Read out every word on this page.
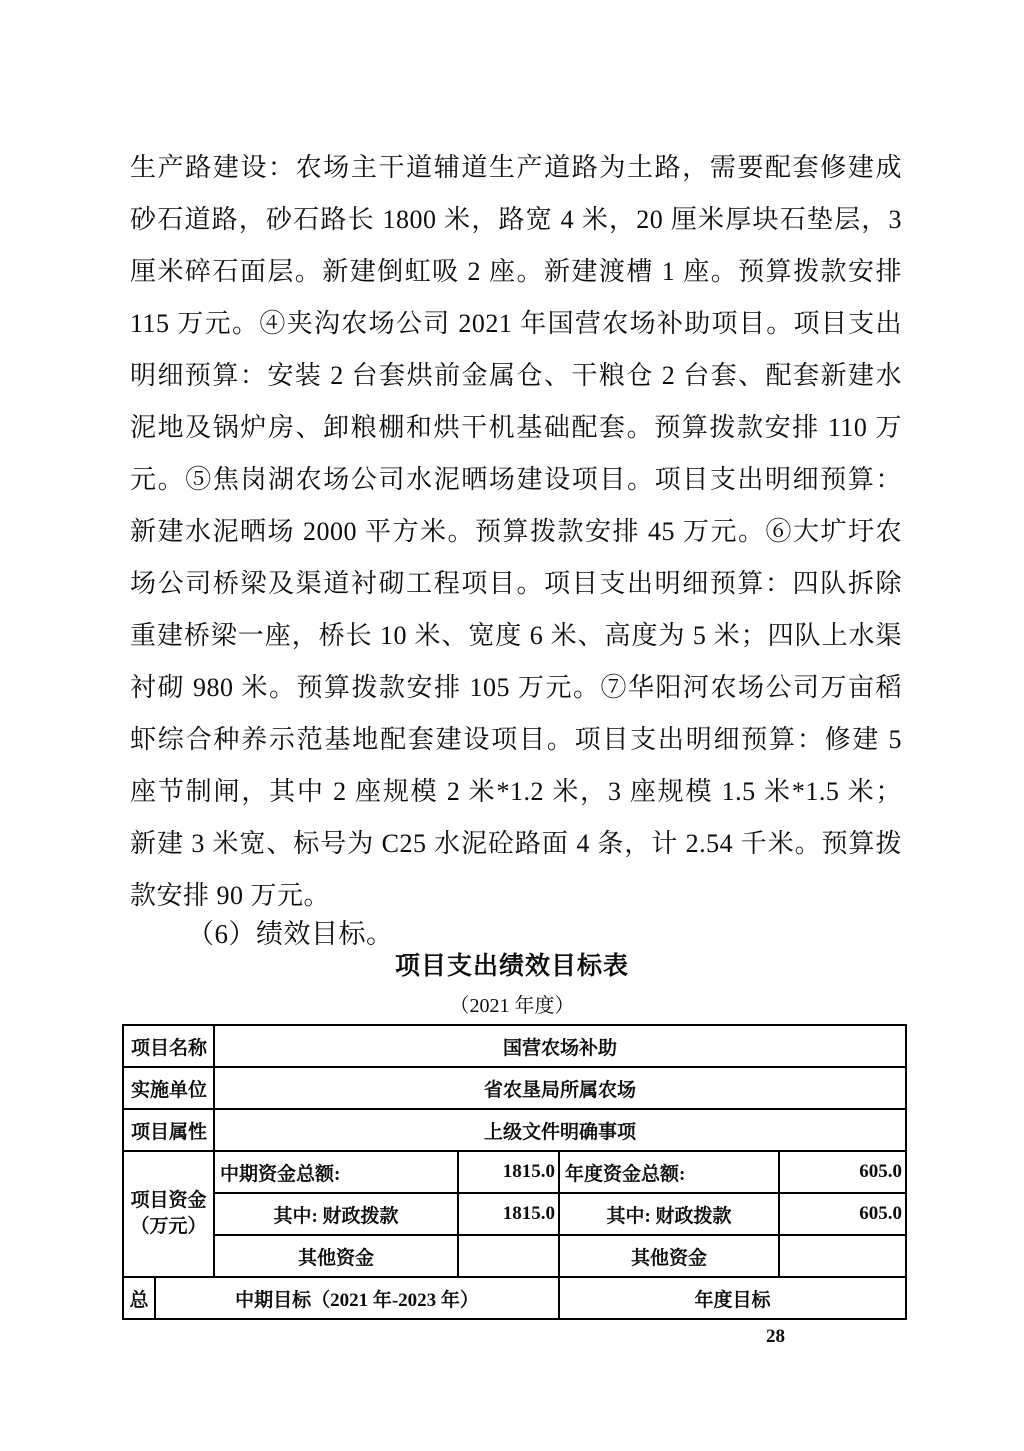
生产路建设：农场主干道辅道生产道路为土路，需要配套修建成
砂石道路，砂石路长 1800 米，路宽 4 米，20 厘米厚块石垫层，3
厘米碎石面层。新建倒虹吸 2 座。新建渡槽 1 座。预算拨款安排
115 万元。④夹沟农场公司 2021 年国营农场补助项目。项目支出
明细预算：安装 2 台套烘前金属仓、干粮仓 2 台套、配套新建水
泥地及锅炉房、卸粮棚和烘干机基础配套。预算拨款安排 110 万
元。⑤焦岗湖农场公司水泥晒场建设项目。项目支出明细预算：
新建水泥晒场 2000 平方米。预算拨款安排 45 万元。⑥大圹圩农
场公司桥梁及渠道衬砌工程项目。项目支出明细预算：四队拆除
重建桥梁一座，桥长 10 米、宽度 6 米、高度为 5 米；四队上水渠
衬砌 980 米。预算拨款安排 105 万元。⑦华阳河农场公司万亩稻
虾综合种养示范基地配套建设项目。项目支出明细预算：修建 5
座节制闸，其中 2 座规模 2 米*1.2 米，3 座规模 1.5 米*1.5 米；
新建 3 米宽、标号为 C25 水泥砼路面 4 条，计 2.54 千米。预算拨
款安排 90 万元。
（6）绩效目标。
项目支出绩效目标表
（2021 年度）
项目名称		国营农场补助			
实施单位		省农垦局所属农场			
项目属性		上级文件明确事项			

项目资金
（万元）		中期资金总额:	1815.0	年度资金总额:	605.0
		其中: 财政拨款	1815.0	其中: 财政拨款	605.0
		其他资金		其他资金	
总	中期目标（2021 年-2023 年）			年度目标	
28
